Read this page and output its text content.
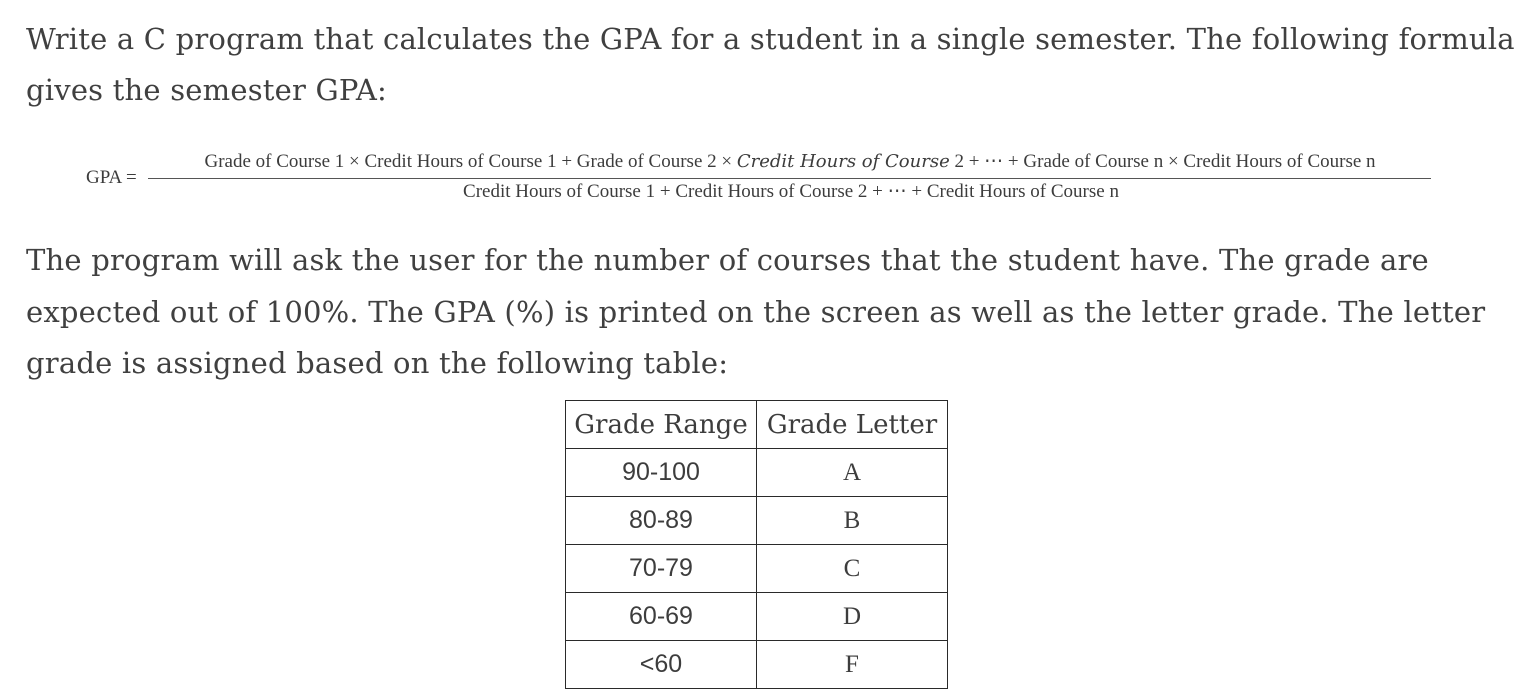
Write a C program that calculates the GPA for a student in a single semester. The following formula
gives the semester GPA:
GPA =
Grade of Course 1 × Credit Hours of Course 1 + Grade of Course 2 × Credit Hours of Course 2 + ⋯ + Grade of Course n × Credit Hours of Course n
Credit Hours of Course 1 + Credit Hours of Course 2 + ⋯ + Credit Hours of Course n
The program will ask the user for the number of courses that the student have. The grade are
expected out of 100%. The GPA (%) is printed on the screen as well as the letter grade. The letter
grade is assigned based on the following table:
Grade Range	Grade Letter
90-100	A
80-89	B
70-79	C
60-69	D
<60	F
